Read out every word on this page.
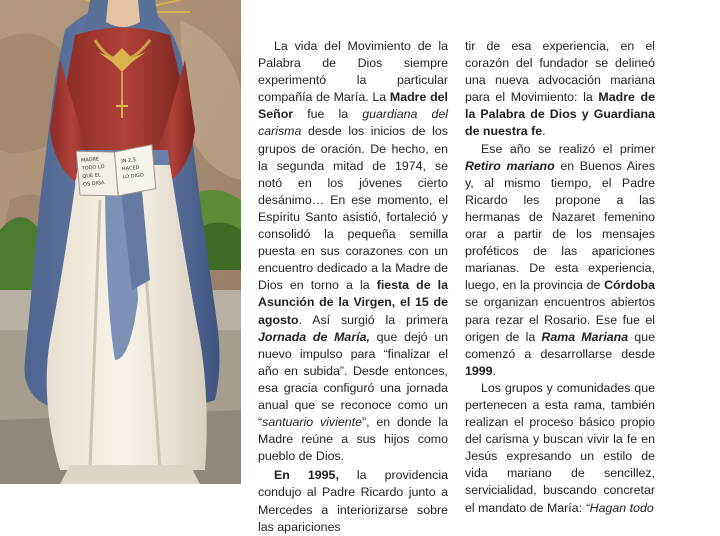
MADRE
TODO LO
QUE EL
OS DIGA
JN 2,5
HACED
LO DIGO

La vida del Movimiento de la Palabra de Dios siempre experimentó la particular compañía de María. La Madre del Señor fue la guardiana del carisma desde los inicios de los grupos de oración. De hecho, en la segunda mitad de 1974, se notó en los jóvenes cierto desánimo… En ese momento, el Espíritu Santo asistió, fortaleció y consolidó la pequeña semilla puesta en sus corazones con un encuentro dedicado a la Madre de Dios en torno a la fiesta de la Asunción de la Virgen, el 15 de agosto. Así surgió la primera Jornada de María, que dejó un nuevo impulso para “finalizar el año en subida”. Desde entonces, esa gracia configuró una jornada anual que se reconoce como un “santuario viviente”, en donde la Madre reúne a sus hijos como pueblo de Dios.

En 1995, la providencia condujo al Padre Ricardo junto a Mercedes a interiorizarse sobre las apariciones

tir de esa experiencia, en el corazón del fundador se delineó una nueva advocación mariana para el Movimiento: la Madre de la Palabra de Dios y Guardiana de nuestra fe.

Ese año se realizó el primer Retiro mariano en Buenos Aires y, al mismo tiempo, el Padre Ricardo les propone a las hermanas de Nazaret femenino orar a partir de los mensajes proféticos de las apariciones marianas. De esta experiencia, luego, en la provincia de Córdoba se organizan encuentros abiertos para rezar el Rosario. Ese fue el origen de la Rama Mariana que comenzó a desarrollarse desde 1999.

Los grupos y comunidades que pertenecen a esta rama, también realizan el proceso básico propio del carisma y buscan vivir la fe en Jesús expresando un estilo de vida mariano de sencillez, servicialidad, buscando concretar el mandato de María: “Hagan todo
